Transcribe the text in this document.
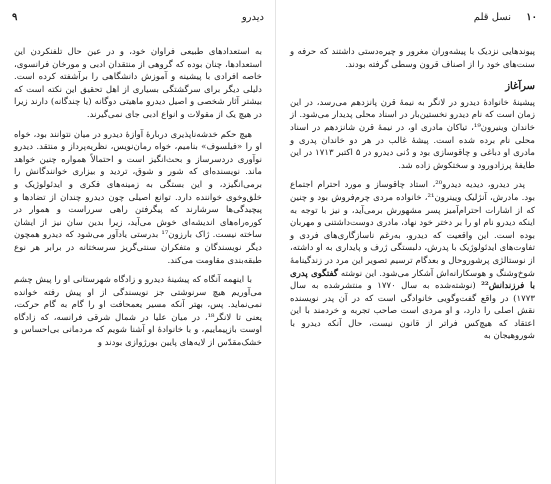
۹	دیدرو

به استعدادهای طبیعی فراوان خود، و در عین حال تلفنکردن این استعدادها، چنان بوده که گروهی از منتقدان ادبی و مورخان فرانسوی، خاصه افرادی با پیشینه و آموزش دانشگاهی را برآشفته کرده است. دلیلی دیگر برای سرگشتگی بسیاری از اهل تحقیق این نکته است که بیشتر آثار شخصی و اصیل دیدرو ماهیتی دوگانه (یا چندگانه) دارند زیرا در هیچ یک از مقولات و انواع ادبی جای نمی‌گیرند.

هیچ حکم خدشه‌ناپذیری دربارهٔ آوازهٔ دیدرو در میان نتوانند بود، خواه او را «فیلسوف» بنامیم، خواه رمان‌نویس، نظریه‌پرداز و منتقد. دیدرو نوآوری دردسرساز و بحث‌انگیز است و احتمالاً همواره چنین خواهد ماند. نویسنده‌ای که شور و شوق، تردید و بیزاری خوانندگانش را برمی‌انگیزد، و این بستگی به زمینه‌های فکری و ایدئولوژیک و خلق‌وخوی خواننده دارد. توانع اصیلی چون دیدرو چندان از تضادها و پیچیدگی‌ها سرشارند که پیگرفتن راهی سرراست و هموار در کوره‌راه‌های اندیشه‌ای خوش می‌آید، زیرا بدین سان نیز از ایشان ساخته نیست. ژاک بارزون¹⁷ بدرستی یادآور می‌شود که دیدرو همچون دیگر نویسندگان و متفکران سنتی‌گریز سرسختانه در برابر هر نوع طبقه‌بندی مقاومت می‌کند.

با اینهمه آنگاه که پیشینهٔ دیدرو و زادگاه شهرستانی او را پیش چشم می‌آوریم هیچ سرنوشتی جز نویسندگی از او پیش رفته خوانده نمی‌نماید. پس، بهتر آنکه مسیر یعمحافت او را گام به گام حرکت، یعنی تا لانگر¹⁸، در میان علیا در شمال شرقی فرانسه، که زادگاه اوست بازپیماییم، و با خانوادهٔ او آشنا شویم که مردمانی بی‌احساس و خشک‌مقدّس از لایه‌های پایین بورژوازی بودند و

۱۰
نسل قلم

پیوندهایی نزدیک با پیشه‌وران مغرور و چیره‌دستی داشتند که حرفه و سنت‌های خود را از اصناف قرون وسطی گرفته بودند.

سرآغاز

پیشینهٔ خانوادهٔ دیدرو در لانگر به نیمهٔ قرن پانزدهم می‌رسد، در این زمان است که نام دیدرو نخستین‌بار در اسناد محلی پدیدار می‌شود. از خاندان وینیرون¹⁹، تیاکان مادری او، در نیمهٔ قرن شانزدهم در اسناد محلی نام برده شده است. پیشهٔ غالب در هر دو خاندان پدری و مادری او دباغی و چاقوسازی بود و دُنی دیدرو در ۵ اکتبر ۱۷۱۳ در این طایفهٔ پرزادورود و سختکوش زاده شد.

پدر دیدرو، دیدیه دیدرو²⁰، استاد چاقوساز و مورد احترام اجتماع بود. مادرش، آنژلیک ویینرون²¹، خانواده مردی چرم‌فروش بود و چنین که از اشارات احترام‌آمیز پسر مشهورش برمی‌آید، و نیز با توجه به اینکه دیدرو نام او را بر دختر خود نهاد، مادری دوست‌داشتنی و مهربان بوده است. این واقعیت که دیدرو، به‌رغم ناسازگاری‌های فردی و تفاوت‌های ایدئولوژیک با پدرش، دلبستگی ژرف و پایداری به او داشته، از نوستالژی پرشوروحال و بعدگام ترسیم تصویر این مرد در زندگینامهٔ شوخ‌وشنگ و هوسکارانه‌اش آشکار می‌شود. این نوشته گفتگوی پدری با فرزندانش²² (نوشته‌شده به سال ۱۷۷۰ و منتشرشده به سال ۱۷۷۳) در واقع گفت‌وگویی خانوادگی است که در آن پدر نویسنده نقش اصلی را دارد، و او مردی است صاحب تجربه و خردمند با این اعتقاد که هیچ‌کس فراتر از قانون نیست، حال آنکه دیدرو با شوروهیجان به
